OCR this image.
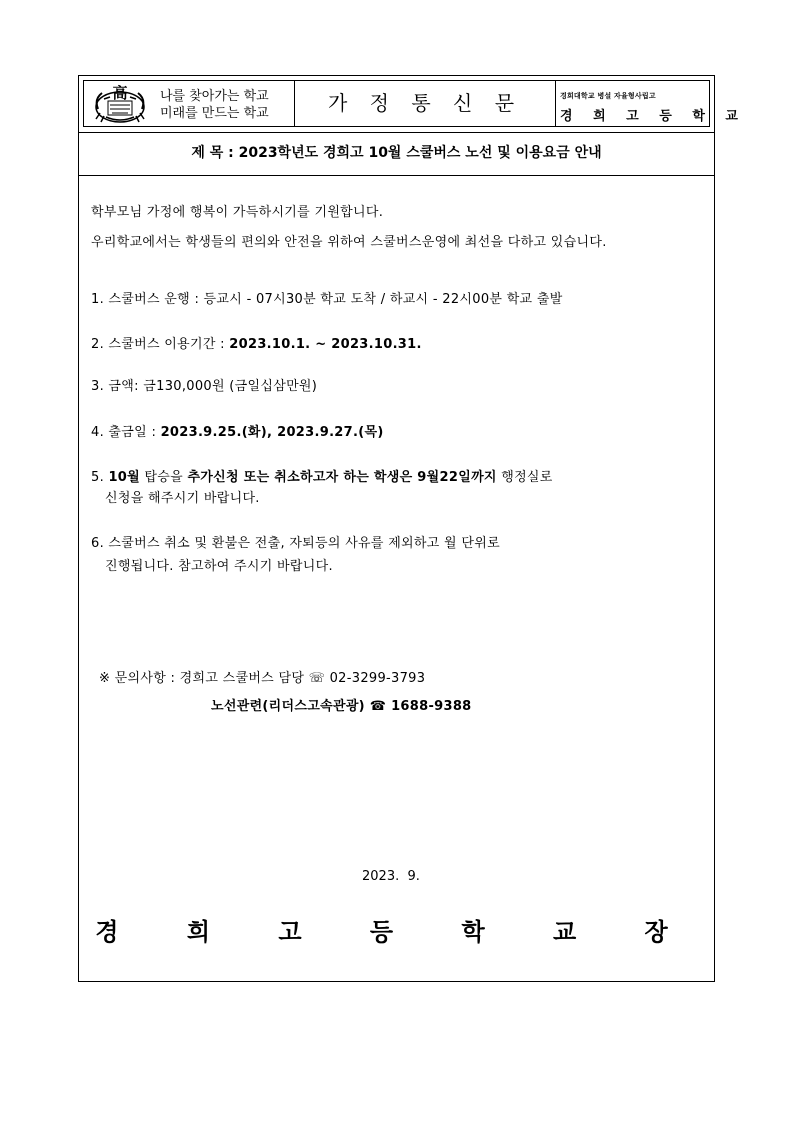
高 나를 찾아가는 학교
미래를 만드는 학교	가 정 통 신 문	경희대학교 병설 자율형사립고
경 희 고 등 학 교
제 목 : 2023학년도 경희고 10월 스쿨버스 노선 및 이용요금 안내
학부모님 가정에 행복이 가득하시기를 기원합니다.
우리학교에서는 학생들의 편의와 안전을 위하여 스쿨버스운영에 최선을 다하고 있습니다.
1. 스쿨버스 운행 : 등교시 - 07시30분 학교 도착 / 하교시 - 22시00분 학교 출발
2. 스쿨버스 이용기간 : 2023.10.1. ~ 2023.10.31.
3. 금액: 금130,000원 (금일십삼만원)
4. 출금일 : 2023.9.25.(화), 2023.9.27.(목)
5. 10월 탑승을 추가신청 또는 취소하고자 하는 학생은 9월22일까지 행정실로
신청을 해주시기 바랍니다.
6. 스쿨버스 취소 및 환불은 전출, 자퇴등의 사유를 제외하고 월 단위로
진행됩니다. 참고하여 주시기 바랍니다.
※ 문의사항 : 경희고 스쿨버스 담당 ☏ 02-3299-3793
노선관련(리더스고속관광) ☎ 1688-9388
2023.  9.
경 희 고 등 학 교 장
